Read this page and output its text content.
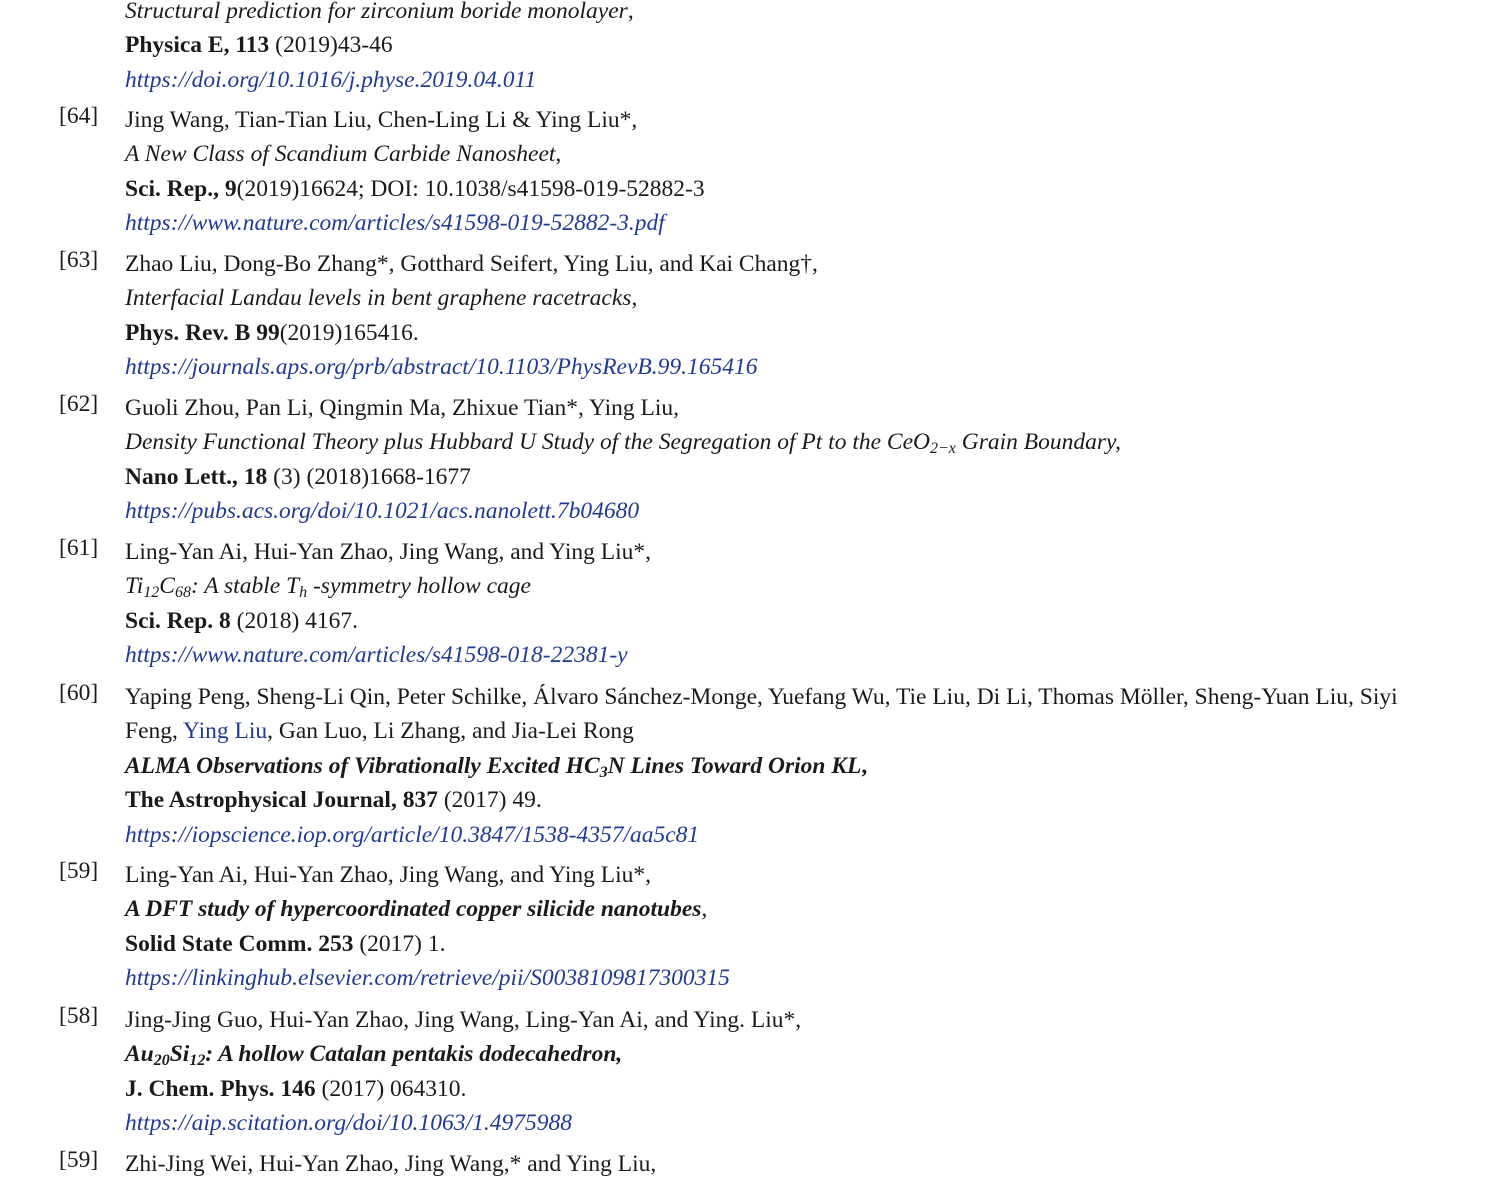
Structural prediction for zirconium boride monolayer,
Physica E, 113 (2019)43-46
https://doi.org/10.1016/j.physe.2019.04.011
[64] Jing Wang, Tian-Tian Liu, Chen-Ling Li & Ying Liu*,
A New Class of Scandium Carbide Nanosheet,
Sci. Rep., 9(2019)16624; DOI: 10.1038/s41598-019-52882-3
https://www.nature.com/articles/s41598-019-52882-3.pdf
[63] Zhao Liu, Dong-Bo Zhang*, Gotthard Seifert, Ying Liu, and Kai Chang†,
Interfacial Landau levels in bent graphene racetracks,
Phys. Rev. B 99(2019)165416.
https://journals.aps.org/prb/abstract/10.1103/PhysRevB.99.165416
[62] Guoli Zhou, Pan Li, Qingmin Ma, Zhixue Tian*, Ying Liu,
Density Functional Theory plus Hubbard U Study of the Segregation of Pt to the CeO$_{2-x}$ Grain Boundary,
Nano Lett., 18 (3) (2018)1668-1677
https://pubs.acs.org/doi/10.1021/acs.nanolett.7b04680
[61] Ling-Yan Ai, Hui-Yan Zhao, Jing Wang, and Ying Liu*,
$Ti_{12}C_{68}$: A stable $T_h$ -symmetry hollow cage
Sci. Rep. 8 (2018) 4167.
https://www.nature.com/articles/s41598-018-22381-y
[60] Yaping Peng, Sheng-Li Qin, Peter Schilke, Álvaro Sánchez-Monge, Yuefang Wu, Tie Liu, Di Li, Thomas Möller, Sheng-Yuan Liu, Siyi
Feng, Ying Liu, Gan Luo, Li Zhang, and Jia-Lei Rong
ALMA Observations of Vibrationally Excited $HC_3N$ Lines Toward Orion KL,
The Astrophysical Journal, 837 (2017) 49.
https://iopscience.iop.org/article/10.3847/1538-4357/aa5c81
[59] Ling-Yan Ai, Hui-Yan Zhao, Jing Wang, and Ying Liu*,
A DFT study of hypercoordinated copper silicide nanotubes,
Solid State Comm. 253 (2017) 1.
https://linkinghub.elsevier.com/retrieve/pii/S0038109817300315
[58] Jing-Jing Guo, Hui-Yan Zhao, Jing Wang, Ling-Yan Ai, and Ying. Liu*,
$Au_{20}Si_{12}$: A hollow Catalan pentakis dodecahedron,
J. Chem. Phys. 146 (2017) 064310.
https://aip.scitation.org/doi/10.1063/1.4975988
[59] Zhi-Jing Wei, Hui-Yan Zhao, Jing Wang,* and Ying Liu,
